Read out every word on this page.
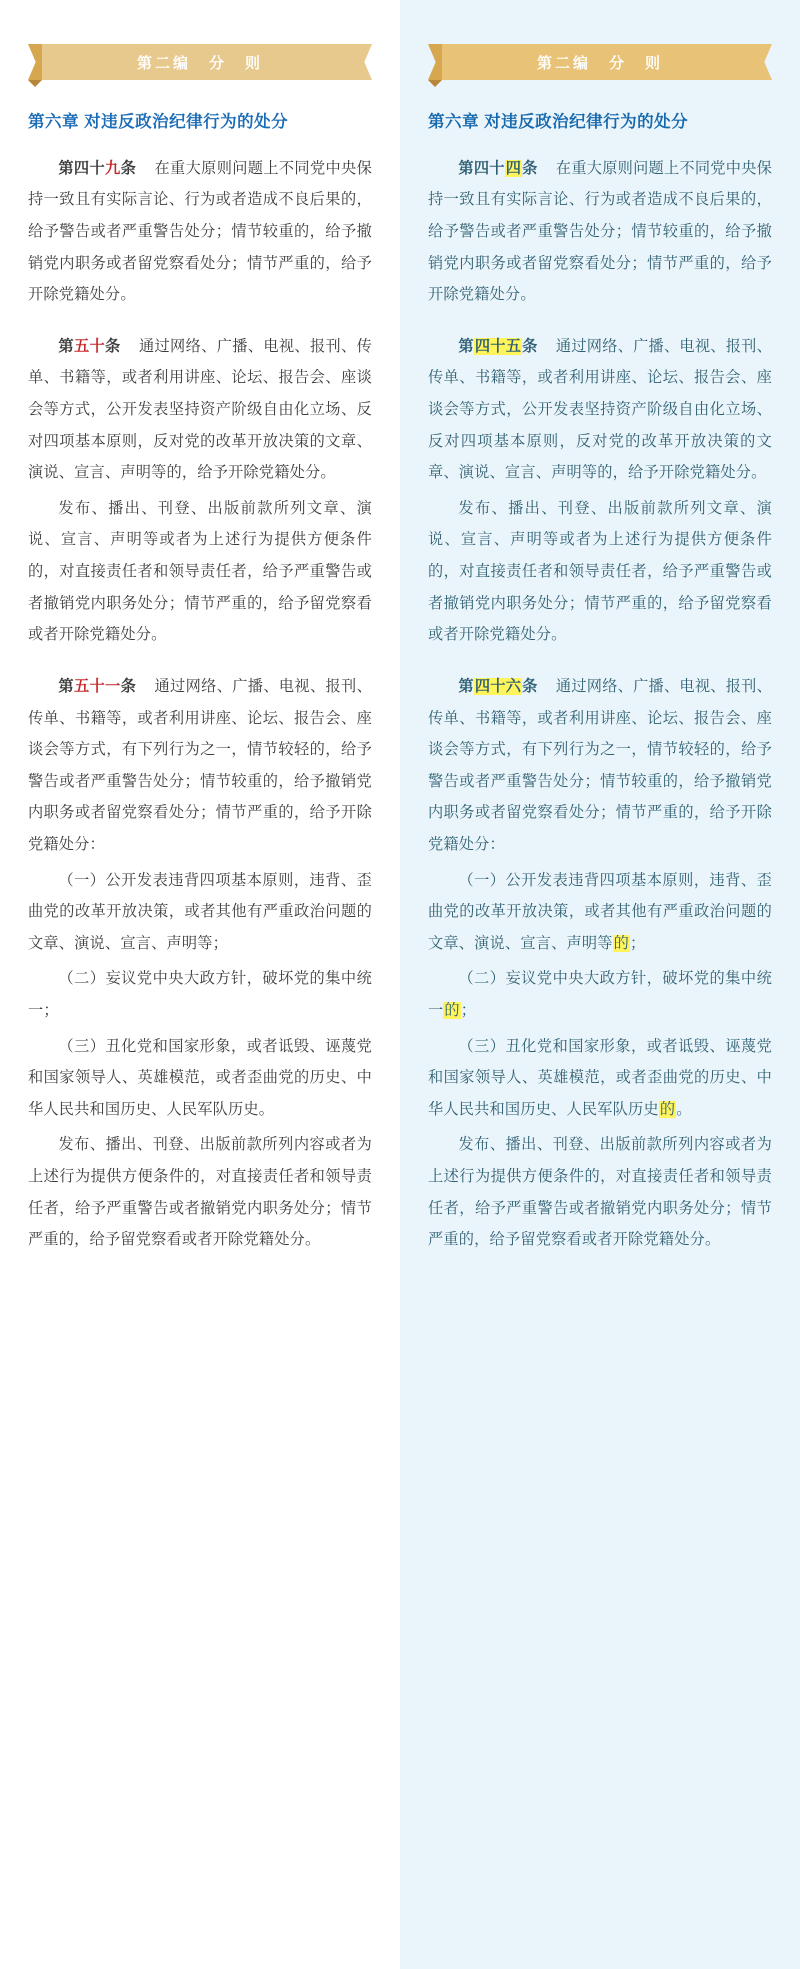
第二编　分　则
第六章 对违反政治纪律行为的处分

第四十九条 在重大原则问题上不同党中央保持一致且有实际言论、行为或者造成不良后果的，给予警告或者严重警告处分；情节较重的，给予撤销党内职务或者留党察看处分；情节严重的，给予开除党籍处分。

第五十条 通过网络、广播、电视、报刊、传单、书籍等，或者利用讲座、论坛、报告会、座谈会等方式，公开发表坚持资产阶级自由化立场、反对四项基本原则，反对党的改革开放决策的文章、演说、宣言、声明等的，给予开除党籍处分。

发布、播出、刊登、出版前款所列文章、演说、宣言、声明等或者为上述行为提供方便条件的，对直接责任者和领导责任者，给予严重警告或者撤销党内职务处分；情节严重的，给予留党察看或者开除党籍处分。

第五十一条 通过网络、广播、电视、报刊、传单、书籍等，或者利用讲座、论坛、报告会、座谈会等方式，有下列行为之一，情节较轻的，给予警告或者严重警告处分；情节较重的，给予撤销党内职务或者留党察看处分；情节严重的，给予开除党籍处分：

（一）公开发表违背四项基本原则，违背、歪曲党的改革开放决策，或者其他有严重政治问题的文章、演说、宣言、声明等；

（二）妄议党中央大政方针，破坏党的集中统一；

（三）丑化党和国家形象，或者诋毁、诬蔑党和国家领导人、英雄模范，或者歪曲党的历史、中华人民共和国历史、人民军队历史。

发布、播出、刊登、出版前款所列内容或者为上述行为提供方便条件的，对直接责任者和领导责任者，给予严重警告或者撤销党内职务处分；情节严重的，给予留党察看或者开除党籍处分。

第二编　分　则
第六章 对违反政治纪律行为的处分

第四十四条 在重大原则问题上不同党中央保持一致且有实际言论、行为或者造成不良后果的，给予警告或者严重警告处分；情节较重的，给予撤销党内职务或者留党察看处分；情节严重的，给予开除党籍处分。

第四十五条 通过网络、广播、电视、报刊、传单、书籍等，或者利用讲座、论坛、报告会、座谈会等方式，公开发表坚持资产阶级自由化立场、反对四项基本原则，反对党的改革开放决策的文章、演说、宣言、声明等的，给予开除党籍处分。

发布、播出、刊登、出版前款所列文章、演说、宣言、声明等或者为上述行为提供方便条件的，对直接责任者和领导责任者，给予严重警告或者撤销党内职务处分；情节严重的，给予留党察看或者开除党籍处分。

第四十六条 通过网络、广播、电视、报刊、传单、书籍等，或者利用讲座、论坛、报告会、座谈会等方式，有下列行为之一，情节较轻的，给予警告或者严重警告处分；情节较重的，给予撤销党内职务或者留党察看处分；情节严重的，给予开除党籍处分：

（一）公开发表违背四项基本原则，违背、歪曲党的改革开放决策，或者其他有严重政治问题的文章、演说、宣言、声明等的；

（二）妄议党中央大政方针，破坏党的集中统一的；

（三）丑化党和国家形象，或者诋毁、诬蔑党和国家领导人、英雄模范，或者歪曲党的历史、中华人民共和国历史、人民军队历史的。

发布、播出、刊登、出版前款所列内容或者为上述行为提供方便条件的，对直接责任者和领导责任者，给予严重警告或者撤销党内职务处分；情节严重的，给予留党察看或者开除党籍处分。
